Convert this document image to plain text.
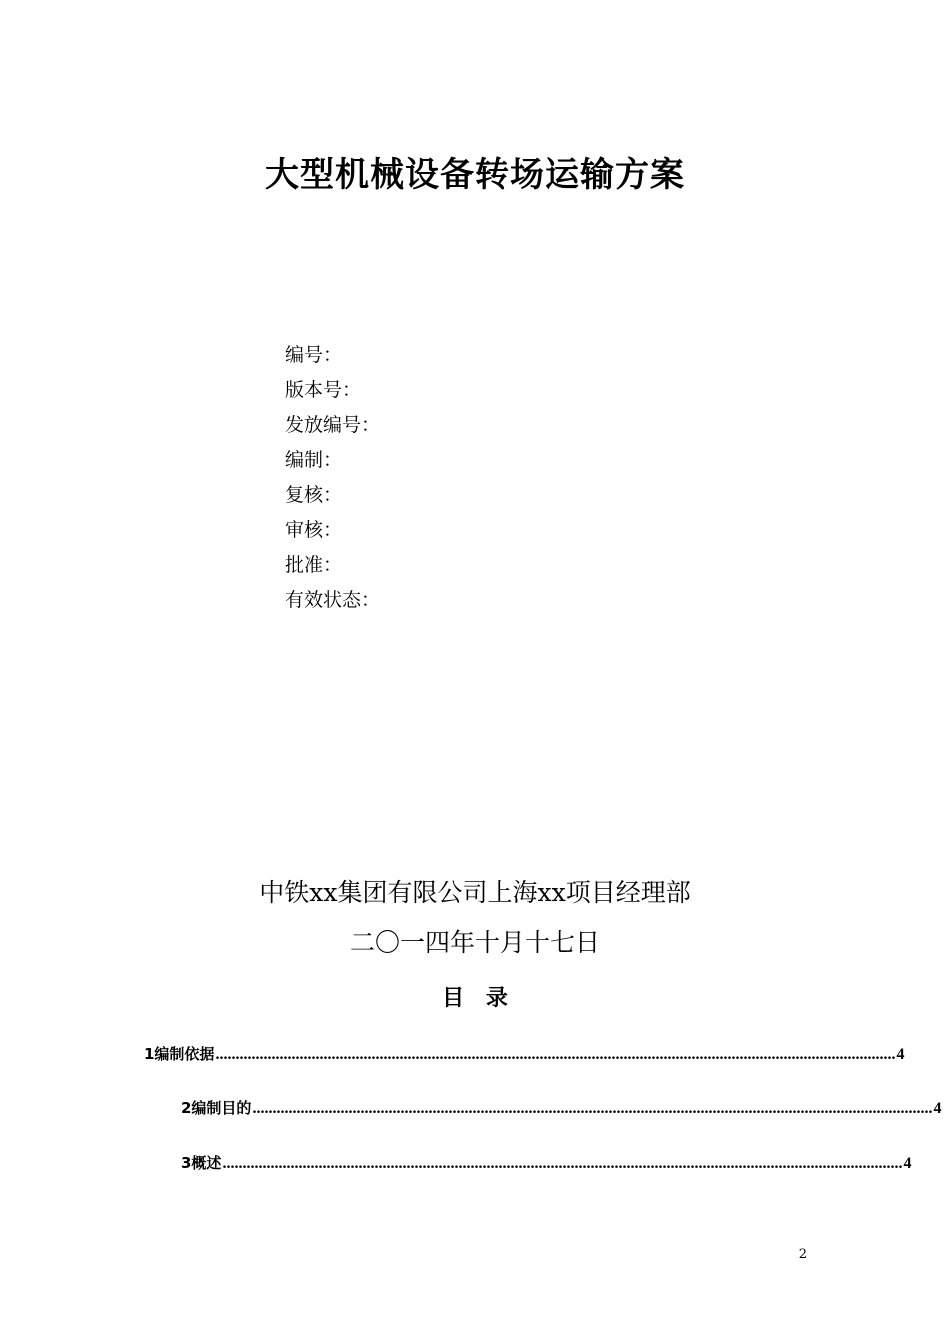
大型机械设备转场运输方案
编号：
版本号：
发放编号：
编制：
复核：
审核：
批准：
有效状态：
中铁xx集团有限公司上海xx项目经理部
二〇一四年十月十七日
目 录
1编制依据 .......................................................................................................................................................................... 4
2编制目的 .......................................................................................................................................................................... 4
3概述 .......................................................................................................................................................................... 4
2
